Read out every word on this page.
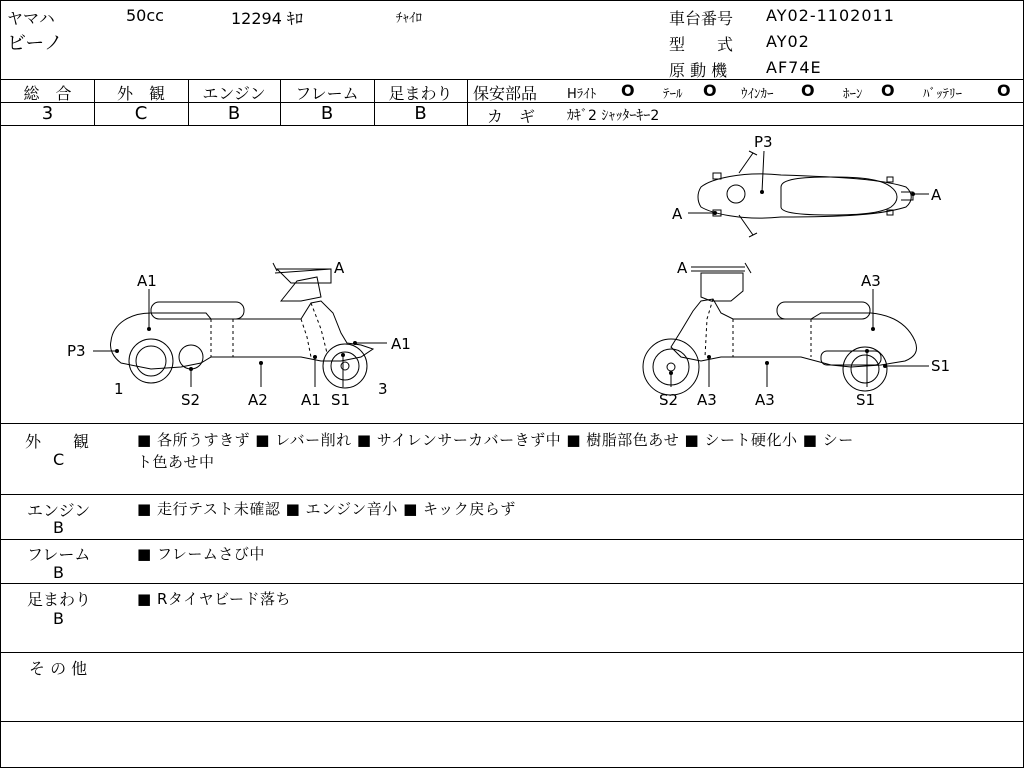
ヤマハ	50cc	12294 ｷﾛ	ﾁｬｲﾛ
ビーノ
車台番号 AY02-1102011
型　　式 AY02
原 動 機 AF74E
総　合	外　観	エンジン	フレーム	足まわり
3	C	B	B	B
保安部品 Hﾗｲﾄ O ﾃｰﾙ O ｳｲﾝｶｰ O ﾎｰﾝ O ﾊﾞｯﾃﾘｰ O
カ　ギ ｶｷﾞ2 ｼｬｯﾀｰｷｰ2
P3
A
A
A
A1
P3	A1
1	3
S2	A2 A1 S1
A
A3
S1
S2 A3	A3	S1
外　　観
C
■ 各所うすきず ■ レバー削れ ■ サイレンサーカバーきず中 ■ 樹脂部色あせ ■ シート硬化小 ■ シー
ト色あせ中
エンジン
B
■ 走行テスト未確認 ■ エンジン音小 ■ キック戻らず
フレーム
B
■ フレームさび中
足まわり
B
■ Rタイヤビード落ち
そ の 他
